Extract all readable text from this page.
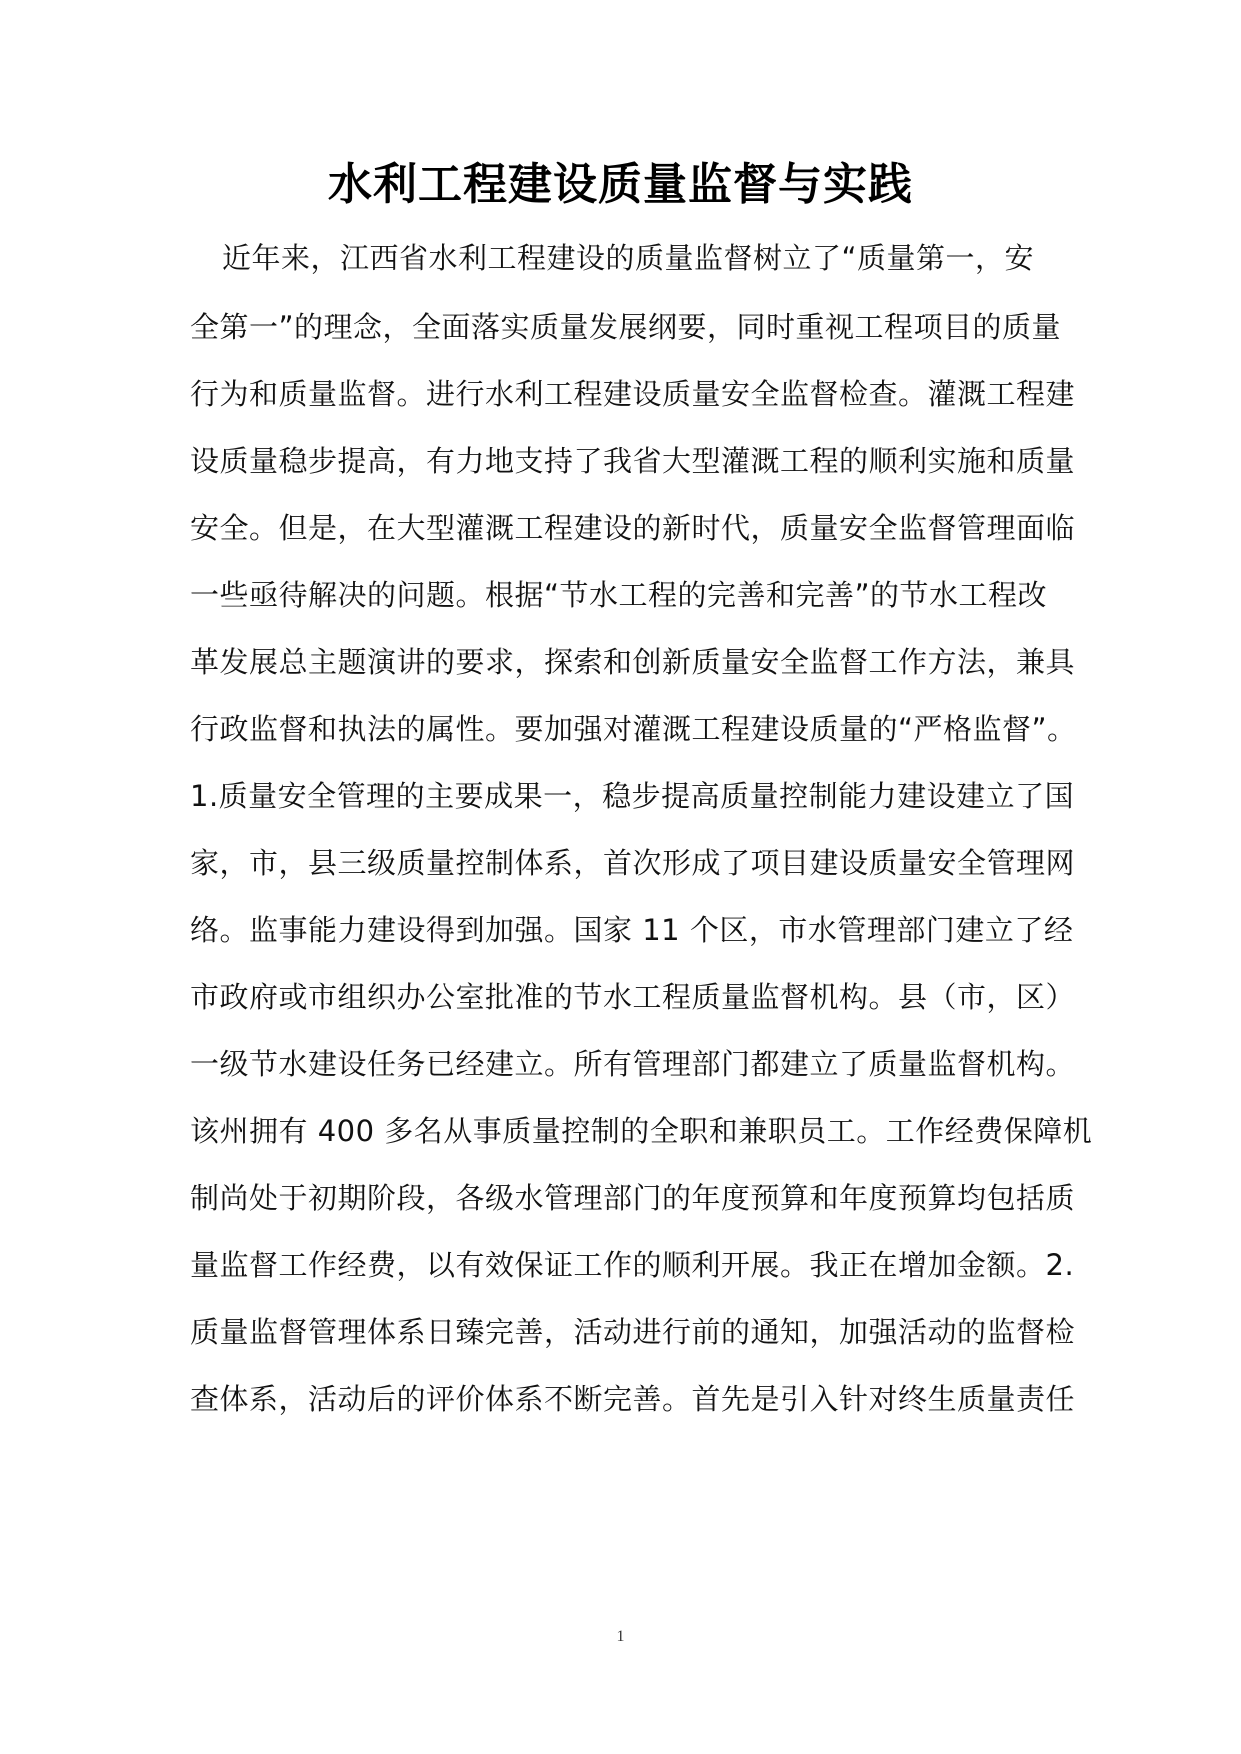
水利工程建设质量监督与实践
近年来，江西省水利工程建设的质量监督树立了“质量第一，安
全第一”的理念，全面落实质量发展纲要，同时重视工程项目的质量
行为和质量监督。进行水利工程建设质量安全监督检查。灌溉工程建
设质量稳步提高，有力地支持了我省大型灌溉工程的顺利实施和质量
安全。但是，在大型灌溉工程建设的新时代，质量安全监督管理面临
一些亟待解决的问题。根据“节水工程的完善和完善”的节水工程改
革发展总主题演讲的要求，探索和创新质量安全监督工作方法，兼具
行政监督和执法的属性。要加强对灌溉工程建设质量的“严格监督”。
1.质量安全管理的主要成果一，稳步提高质量控制能力建设建立了国
家，市，县三级质量控制体系，首次形成了项目建设质量安全管理网
络。监事能力建设得到加强。国家 11 个区，市水管理部门建立了经
市政府或市组织办公室批准的节水工程质量监督机构。县（市，区）
一级节水建设任务已经建立。所有管理部门都建立了质量监督机构。
该州拥有 400 多名从事质量控制的全职和兼职员工。工作经费保障机
制尚处于初期阶段，各级水管理部门的年度预算和年度预算均包括质
量监督工作经费，以有效保证工作的顺利开展。我正在增加金额。2.
质量监督管理体系日臻完善，活动进行前的通知，加强活动的监督检
查体系，活动后的评价体系不断完善。首先是引入针对终生质量责任
1
